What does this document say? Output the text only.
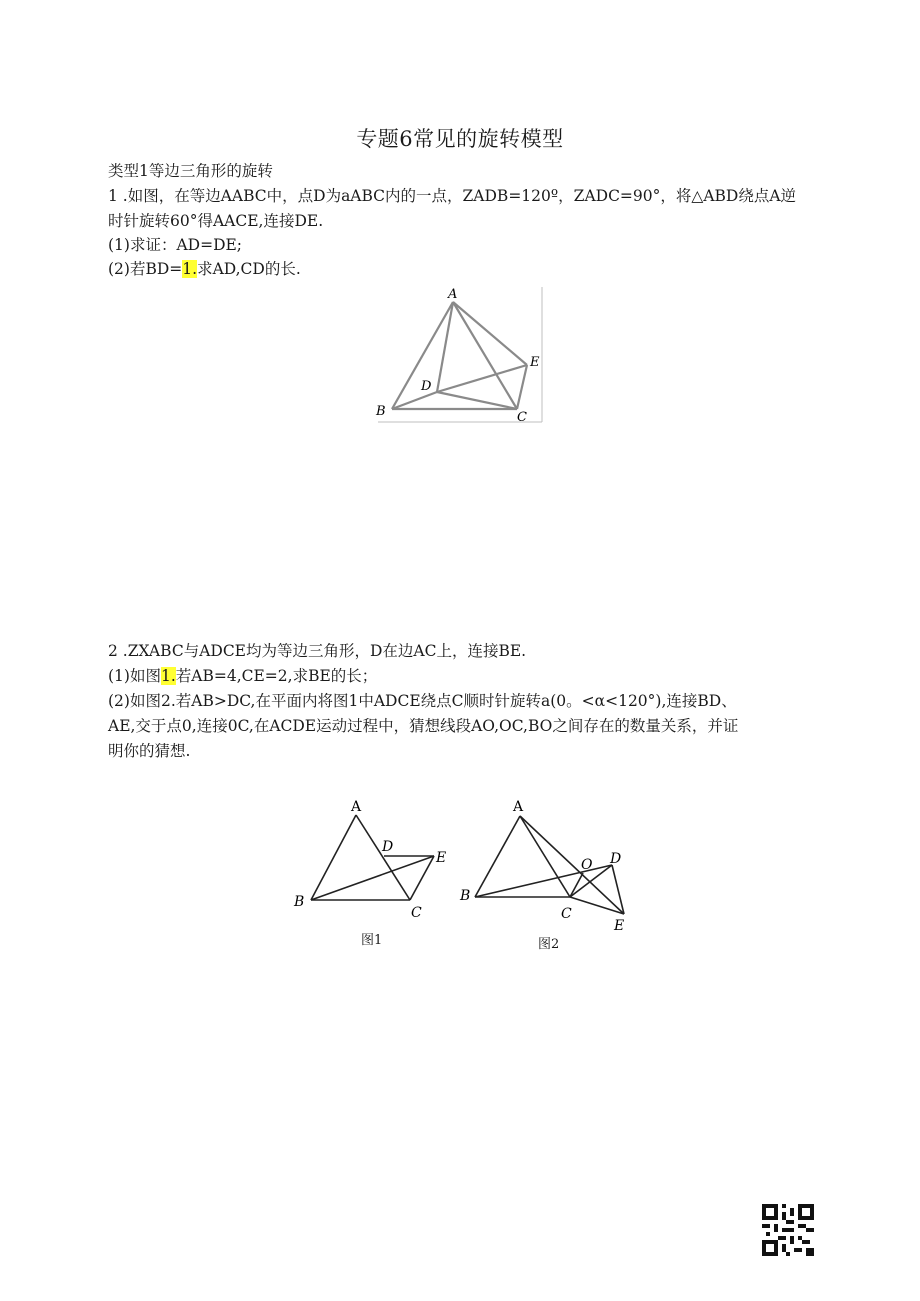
专题6常见的旋转模型
类型1等边三角形的旋转
1 .如图，在等边AABC中，点D为aABC内的一点，ZADB=120º，ZADC=90°，将△ABD绕点A逆
时针旋转60°得AACE,连接DE.
(1)求证：AD=DE;
(2)若BD=1.求AD,CD的长.
A
B	C
D
E
2 .ZXABC与ADCE均为等边三角形，D在边AC上，连接BE.
(1)如图1.若AB=4,CE=2,求BE的长；
(2)如图2.若AB>DC,在平面内将图1中ADCE绕点C顺时针旋转a(0。<α<120°),连接BD、
AE,交于点0,连接0C,在ACDE运动过程中，猜想线段AO,OC,BO之间存在的数量关系，并证
明你的猜想.
A
B
C
D
E
图1
A
B
C
D
E
O
图2
